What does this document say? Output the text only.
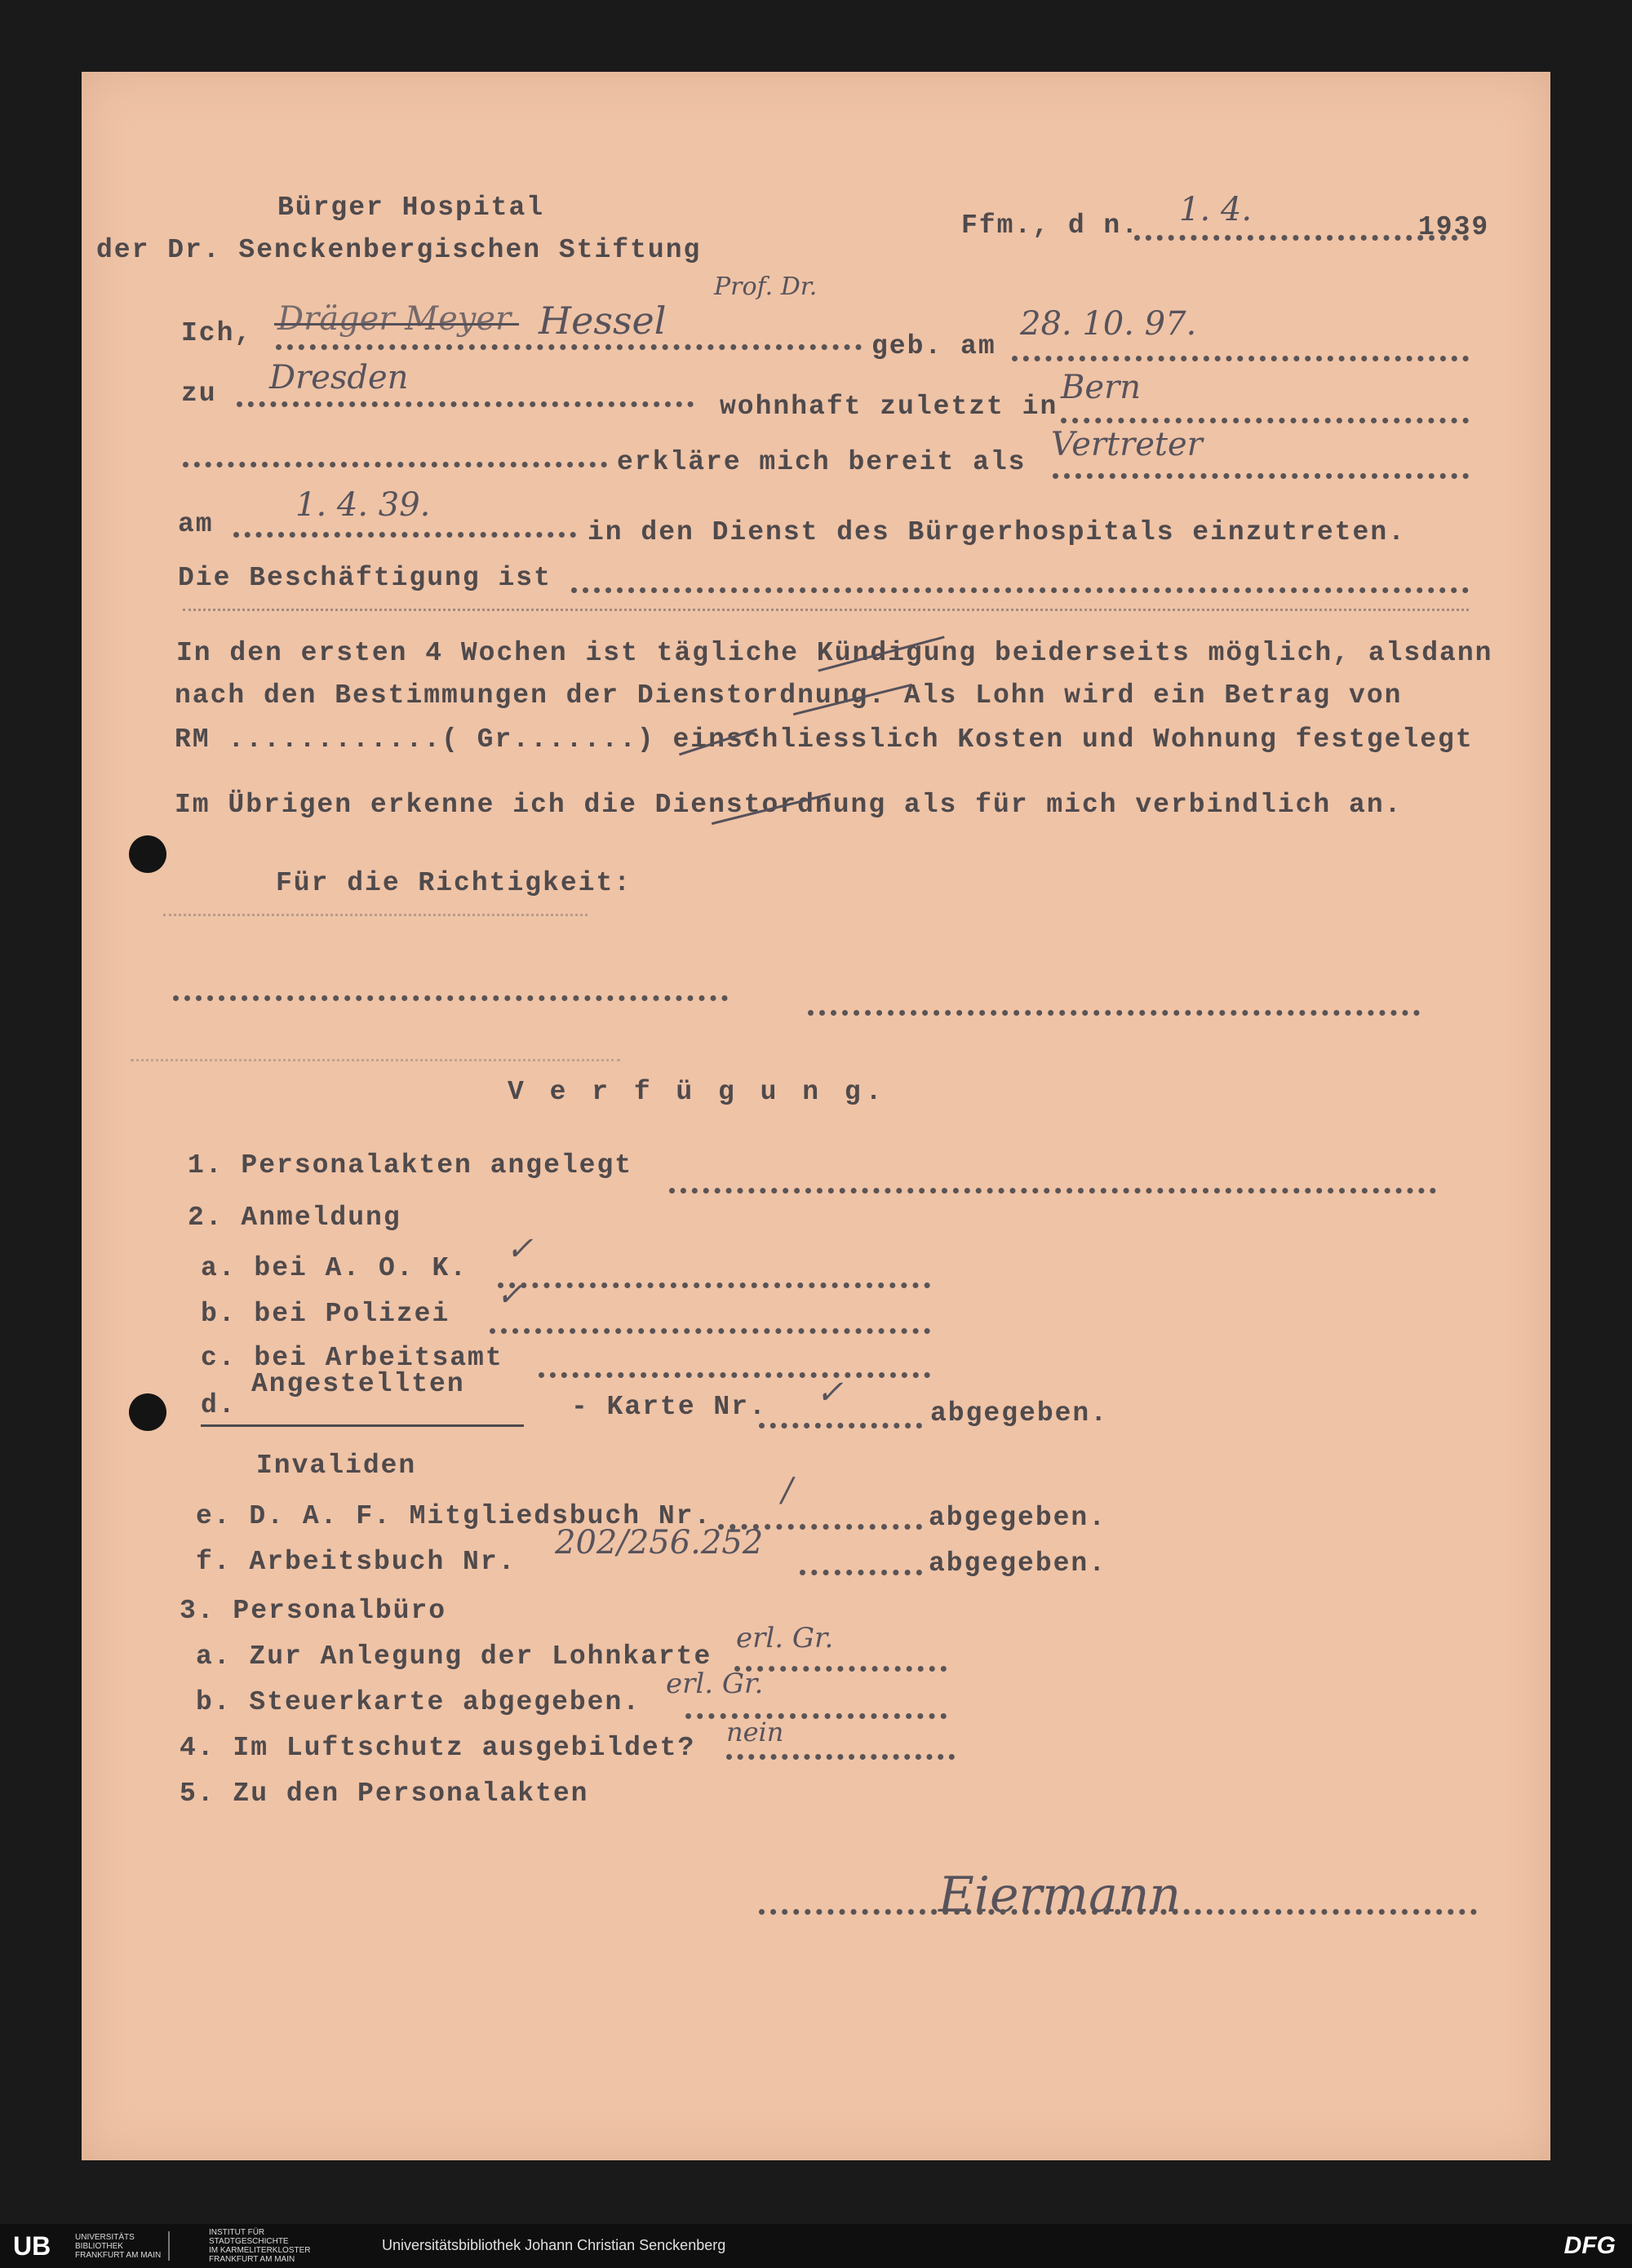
Bürger Hospital
der Dr. Senckenbergischen Stiftung
Ffm., d n. 1. 4.	1939
Ich, Dräger Meyer Hessel
Prof. Dr.
geb. am
28. 10. 97.
zu Dresden
wohnhaft zuletzt in
Bern
erkläre mich bereit als Vertreter
am
1. 4. 39.
in den Dienst des Bürgerhospitals einzutreten.
Die Beschäftigung ist
In den ersten 4 Wochen ist tägliche Kündigung beiderseits möglich, alsdann
nach den Bestimmungen der Dienstordnung. Als Lohn wird ein Betrag von
RM ............( Gr.......) einschliesslich Kosten und Wohnung festgelegt
Im Übrigen erkenne ich die Dienstordnung als für mich verbindlich an.
Für die Richtigkeit:
V e r f ü g u n g.
1. Personalakten angelegt
2. Anmeldung
a. bei A. O. K.
✓
b. bei Polizei
✓
c. bei Arbeitsamt
d.
Angestellten
- Karte Nr. ✓
abgegeben.
Invaliden
e. D. A. F. Mitgliedsbuch Nr.
/
abgegeben.
f. Arbeitsbuch Nr.
202/256.252
abgegeben.
3. Personalbüro
a. Zur Anlegung der Lohnkarte
erl. Gr.
b. Steuerkarte abgegeben.
erl. Gr.
4. Im Luftschutz ausgebildet?
nein
5. Zu den Personalakten
Eiermann
UB	UNIVERSITÄTS
BIBLIOTHEK
FRANKFURT AM MAIN
INSTITUT FÜR
STADTGESCHICHTE
IM KARMELITERKLOSTER
FRANKFURT AM MAIN
Universitätsbibliothek Johann Christian Senckenberg	DFG
